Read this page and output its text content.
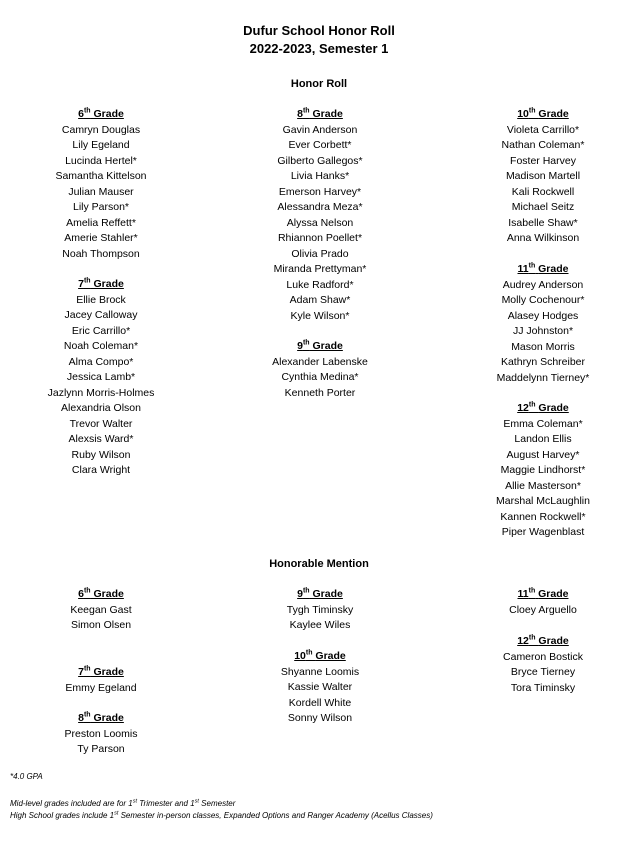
Dufur School Honor Roll
2022-2023, Semester 1
Honor Roll
6th Grade
Camryn Douglas
Lily Egeland
Lucinda Hertel*
Samantha Kittelson
Julian Mauser
Lily Parson*
Amelia Reffett*
Amerie Stahler*
Noah Thompson
7th Grade
Ellie Brock
Jacey Calloway
Eric Carrillo*
Noah Coleman*
Alma Compo*
Jessica Lamb*
Jazlynn Morris-Holmes
Alexandria Olson
Trevor Walter
Alexsis Ward*
Ruby Wilson
Clara Wright
8th Grade
Gavin Anderson
Ever Corbett*
Gilberto Gallegos*
Livia Hanks*
Emerson Harvey*
Alessandra Meza*
Alyssa Nelson
Rhiannon Poellet*
Olivia Prado
Miranda Prettyman*
Luke Radford*
Adam Shaw*
Kyle Wilson*
9th Grade
Alexander Labenske
Cynthia Medina*
Kenneth Porter
10th Grade
Violeta Carrillo*
Nathan Coleman*
Foster Harvey
Madison Martell
Kali Rockwell
Michael Seitz
Isabelle Shaw*
Anna Wilkinson
11th Grade
Audrey Anderson
Molly Cochenour*
Alasey Hodges
JJ Johnston*
Mason Morris
Kathryn Schreiber
Maddelynn Tierney*
12th Grade
Emma Coleman*
Landon Ellis
August Harvey*
Maggie Lindhorst*
Allie Masterson*
Marshal McLaughlin
Kannen Rockwell*
Piper Wagenblast
Honorable Mention
6th Grade
Keegan Gast
Simon Olsen
7th Grade
Emmy Egeland
8th Grade
Preston Loomis
Ty Parson
9th Grade
Tygh Timinsky
Kaylee Wiles
10th Grade
Shyanne Loomis
Kassie Walter
Kordell White
Sonny Wilson
11th Grade
Cloey Arguello
12th Grade
Cameron Bostick
Bryce Tierney
Tora Timinsky
*4.0 GPA
Mid-level grades included are for 1st Trimester and 1st Semester
High School grades include 1st Semester in-person classes, Expanded Options and Ranger Academy (Acellus Classes)
